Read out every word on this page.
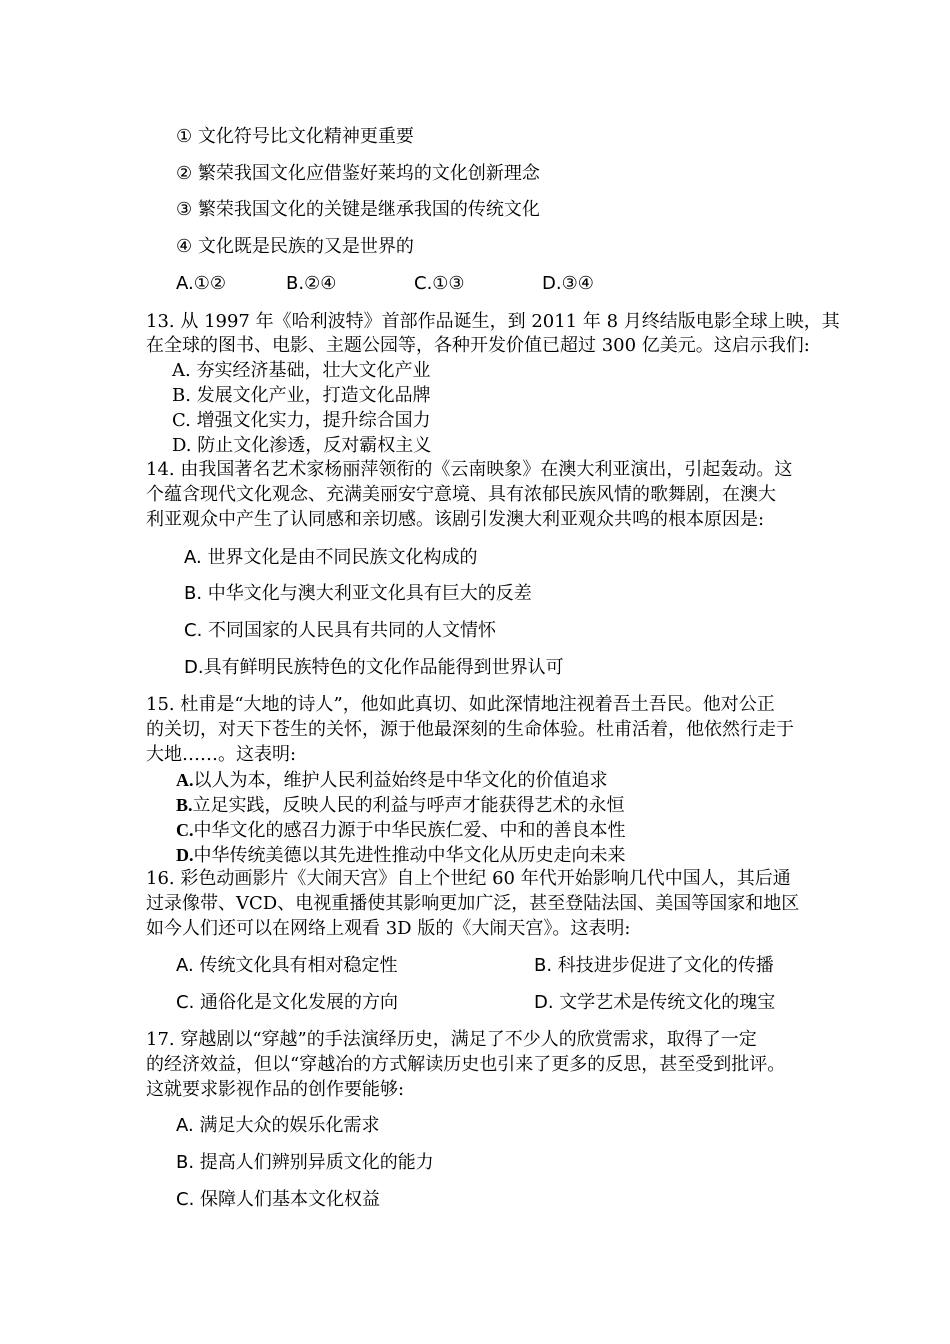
① 文化符号比文化精神更重要
② 繁荣我国文化应借鉴好莱坞的文化创新理念
③ 繁荣我国文化的关键是继承我国的传统文化
④ 文化既是民族的又是世界的
A.①②	B.②④	C.①③	D.③④
13. 从 1997 年《哈利波特》首部作品诞生，到 2011 年 8 月终结版电影全球上映，其
在全球的图书、电影、主题公园等，各种开发价值已超过 300 亿美元。这启示我们:
A. 夯实经济基础，壮大文化产业
B. 发展文化产业，打造文化品牌
C. 增强文化实力，提升综合国力
D. 防止文化渗透，反对霸权主义
14. 由我国著名艺术家杨丽萍领衔的《云南映象》在澳大利亚演出，引起轰动。这
个蕴含现代文化观念、充满美丽安宁意境、具有浓郁民族风情的歌舞剧，在澳大
利亚观众中产生了认同感和亲切感。该剧引发澳大利亚观众共鸣的根本原因是:
A. 世界文化是由不同民族文化构成的
B. 中华文化与澳大利亚文化具有巨大的反差
C. 不同国家的人民具有共同的人文情怀
D.具有鲜明民族特色的文化作品能得到世界认可
15. 杜甫是“大地的诗人”，他如此真切、如此深情地注视着吾土吾民。他对公正
的关切，对天下苍生的关怀，源于他最深刻的生命体验。杜甫活着，他依然行走于
大地……。这表明:
A.以人为本，维护人民利益始终是中华文化的价值追求
B.立足实践，反映人民的利益与呼声才能获得艺术的永恒
C.中华文化的感召力源于中华民族仁爱、中和的善良本性
D.中华传统美德以其先进性推动中华文化从历史走向未来
16. 彩色动画影片《大闹天宫》自上个世纪 60 年代开始影响几代中国人，其后通
过录像带、VCD、电视重播使其影响更加广泛，甚至登陆法国、美国等国家和地区
如今人们还可以在网络上观看 3D 版的《大闹天宫》。这表明:
A. 传统文化具有相对稳定性	B. 科技进步促进了文化的传播
C. 通俗化是文化发展的方向	D. 文学艺术是传统文化的瑰宝
17. 穿越剧以“穿越”的手法演绎历史，满足了不少人的欣赏需求，取得了一定
的经济效益，但以“穿越冶的方式解读历史也引来了更多的反思，甚至受到批评。
这就要求影视作品的创作要能够:
A. 满足大众的娱乐化需求
B. 提高人们辨别异质文化的能力
C. 保障人们基本文化权益
